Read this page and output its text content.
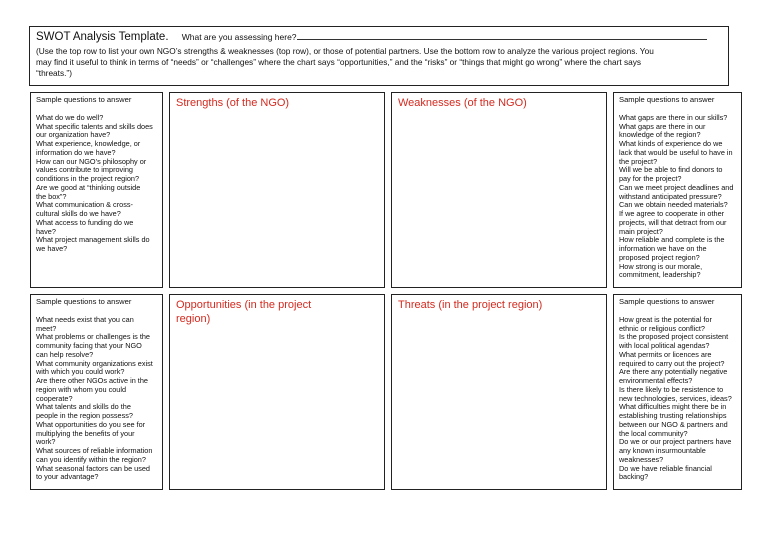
SWOT Analysis Template. What are you assessing here?
(Use the top row to list your own NGO’s strengths & weaknesses (top row), or those of potential partners. Use the bottom row to analyze the various project regions. You
may find it useful to think in terms of “needs” or “challenges” where the chart says “opportunities,” and the “risks” or “things that might go wrong” where the chart says
“threats.”)
Sample questions to answer
What do we do well?
What specific talents and skills does
our organization have?
What experience, knowledge, or
information do we have?
How can our NGO’s philosophy or
values contribute to improving
conditions in the project region?
Are we good at “thinking outside
the box”?
What communication & cross-
cultural skills do we have?
What access to funding do we
have?
What project management skills do
we have?
Strengths (of the NGO)	Weaknesses (of the NGO)	Sample questions to answer
What gaps are there in our skills?
What gaps are there in our
knowledge of the region?
What kinds of experience do we
lack that would be useful to have in
the project?
Will we be able to find donors to
pay for the project?
Can we meet project deadlines and
withstand anticipated pressure?
Can we obtain needed materials?
If we agree to cooperate in other
projects, will that detract from our
main project?
How reliable and complete is the
information we have on the
proposed project region?
How strong is our morale,
commitment, leadership?
Sample questions to answer
What needs exist that you can
meet?
What problems or challenges is the
community facing that your NGO
can help resolve?
What community organizations exist
with which you could work?
Are there other NGOs active in the
region with whom you could
cooperate?
What talents and skills do the
people in the region possess?
What opportunities do you see for
multiplying the benefits of your
work?
What sources of reliable information
can you identify within the region?
What seasonal factors can be used
to your advantage?
Opportunities (in the project
region)
Threats (in the project region)	Sample questions to answer
How great is the potential for
ethnic or religious conflict?
Is the proposed project consistent
with local political agendas?
What permits or licences are
required to carry out the project?
Are there any potentially negative
environmental effects?
Is there likely to be resistence to
new technologies, services, ideas?
What difficulties might there be in
establishing trusting relationships
between our NGO & partners and
the local community?
Do we or our project partners have
any known insurmountable
weaknesses?
Do we have reliable financial
backing?
